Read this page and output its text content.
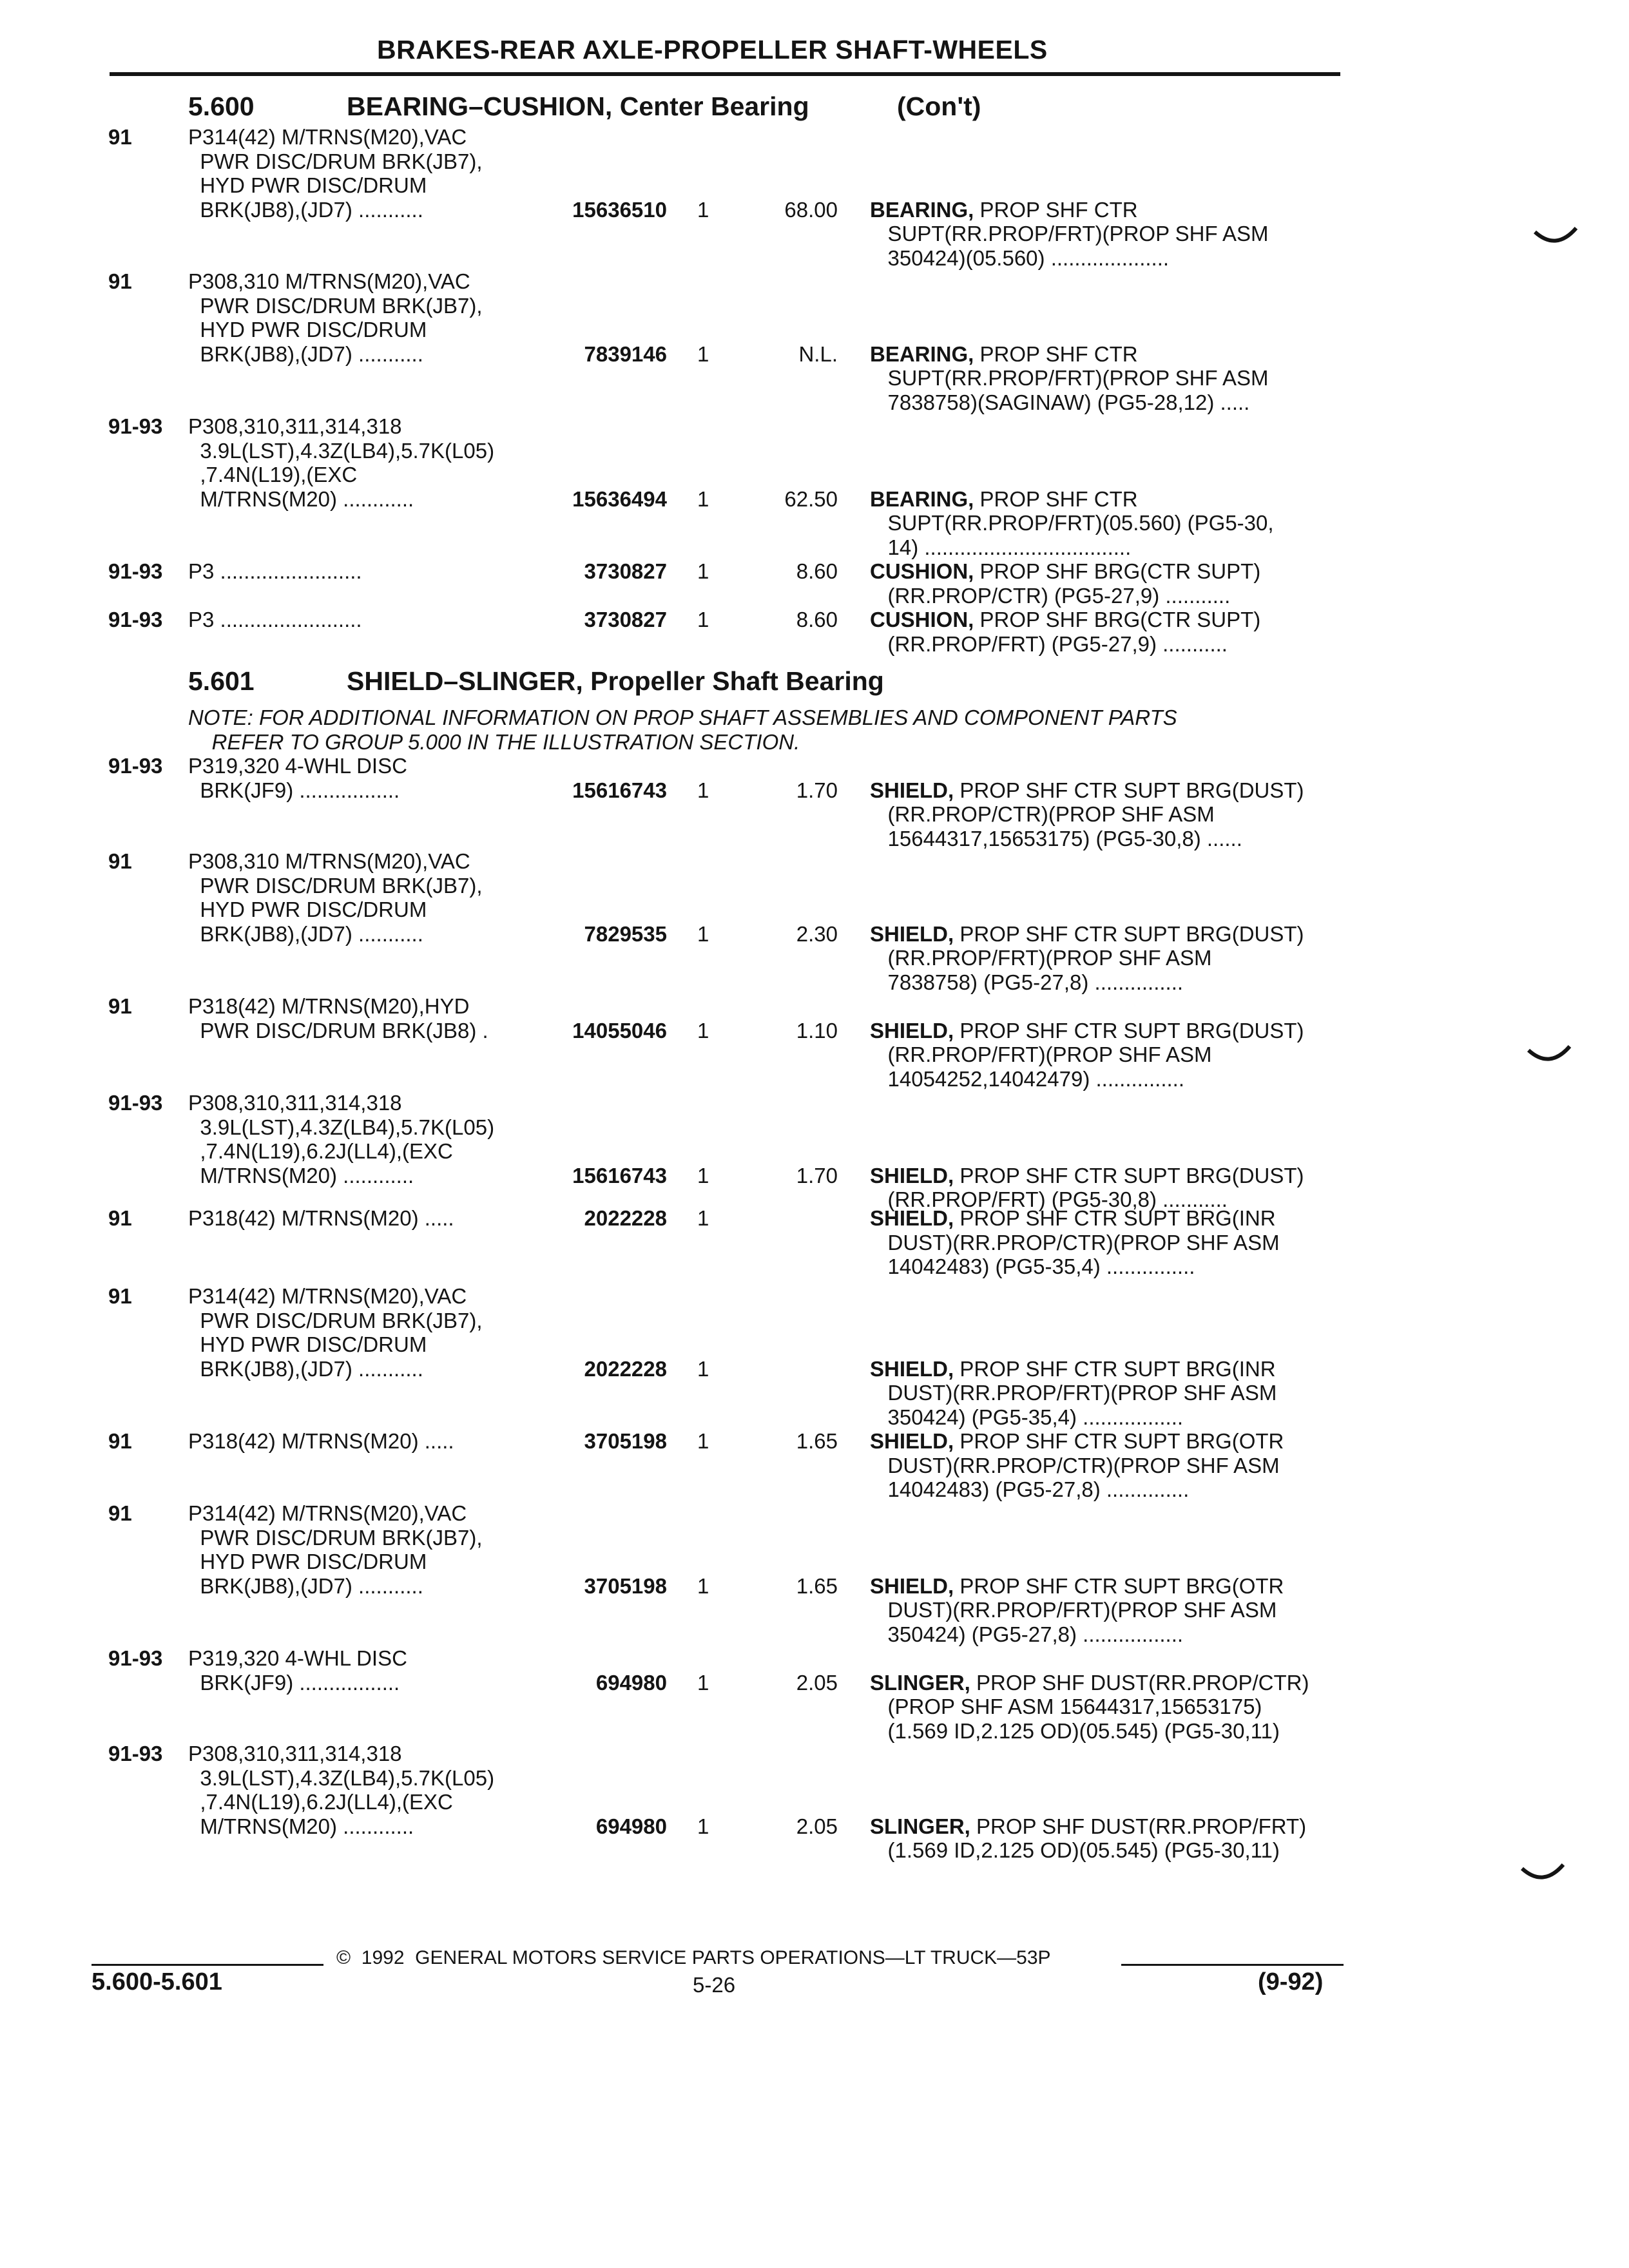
BRAKES-REAR AXLE-PROPELLER SHAFT-WHEELS
5.600	BEARING–CUSHION, Center Bearing	(Con't)
91	P314(42) M/TRNS(M20),VAC
PWR DISC/DRUM BRK(JB7),
HYD PWR DISC/DRUM
BRK(JB8),(JD7) ...........	15636510 1	68.00 BEARING, PROP SHF CTR
SUPT(RR.PROP/FRT)(PROP SHF ASM
350424)(05.560) ....................
91	P308,310 M/TRNS(M20),VAC
PWR DISC/DRUM BRK(JB7),
HYD PWR DISC/DRUM
BRK(JB8),(JD7) ...........	7839146 1	N.L. BEARING, PROP SHF CTR
SUPT(RR.PROP/FRT)(PROP SHF ASM
7838758)(SAGINAW) (PG5-28,12) .....
91-93 P308,310,311,314,318
3.9L(LST),4.3Z(LB4),5.7K(L05)
,7.4N(L19),(EXC
M/TRNS(M20) ............	15636494 1	62.50 BEARING, PROP SHF CTR
SUPT(RR.PROP/FRT)(05.560) (PG5-30,
14) ...................................
91-93 P3 ........................	3730827 1	8.60 CUSHION, PROP SHF BRG(CTR SUPT)
(RR.PROP/CTR) (PG5-27,9) ...........
91-93 P3 ........................	3730827 1	8.60 CUSHION, PROP SHF BRG(CTR SUPT)
(RR.PROP/FRT) (PG5-27,9) ...........
5.601	SHIELD–SLINGER, Propeller Shaft Bearing
NOTE: FOR ADDITIONAL INFORMATION ON PROP SHAFT ASSEMBLIES AND COMPONENT PARTS
REFER TO GROUP 5.000 IN THE ILLUSTRATION SECTION.
91-93 P319,320 4-WHL DISC
BRK(JF9) .................	15616743 1	1.70 SHIELD, PROP SHF CTR SUPT BRG(DUST)
(RR.PROP/CTR)(PROP SHF ASM
15644317,15653175) (PG5-30,8) ......
91	P308,310 M/TRNS(M20),VAC
PWR DISC/DRUM BRK(JB7),
HYD PWR DISC/DRUM
BRK(JB8),(JD7) ...........	7829535 1	2.30 SHIELD, PROP SHF CTR SUPT BRG(DUST)
(RR.PROP/FRT)(PROP SHF ASM
7838758) (PG5-27,8) ...............
91	P318(42) M/TRNS(M20),HYD
PWR DISC/DRUM BRK(JB8) .	14055046 1	1.10 SHIELD, PROP SHF CTR SUPT BRG(DUST)
(RR.PROP/FRT)(PROP SHF ASM
14054252,14042479) ...............
91-93 P308,310,311,314,318
3.9L(LST),4.3Z(LB4),5.7K(L05)
,7.4N(L19),6.2J(LL4),(EXC
M/TRNS(M20) ............	15616743 1	1.70 SHIELD, PROP SHF CTR SUPT BRG(DUST)
(RR.PROP/FRT) (PG5-30,8) ...........
91	P318(42) M/TRNS(M20) .....	2022228 1	SHIELD, PROP SHF CTR SUPT BRG(INR
DUST)(RR.PROP/CTR)(PROP SHF ASM
14042483) (PG5-35,4) ...............
91	P314(42) M/TRNS(M20),VAC
PWR DISC/DRUM BRK(JB7),
HYD PWR DISC/DRUM
BRK(JB8),(JD7) ...........	2022228 1	SHIELD, PROP SHF CTR SUPT BRG(INR
DUST)(RR.PROP/FRT)(PROP SHF ASM
350424) (PG5-35,4) .................
91	P318(42) M/TRNS(M20) .....	3705198 1	1.65 SHIELD, PROP SHF CTR SUPT BRG(OTR
DUST)(RR.PROP/CTR)(PROP SHF ASM
14042483) (PG5-27,8) ..............
91	P314(42) M/TRNS(M20),VAC
PWR DISC/DRUM BRK(JB7),
HYD PWR DISC/DRUM
BRK(JB8),(JD7) ...........	3705198 1	1.65 SHIELD, PROP SHF CTR SUPT BRG(OTR
DUST)(RR.PROP/FRT)(PROP SHF ASM
350424) (PG5-27,8) .................
91-93 P319,320 4-WHL DISC
BRK(JF9) .................	694980 1	2.05 SLINGER, PROP SHF DUST(RR.PROP/CTR)
(PROP SHF ASM 15644317,15653175)
(1.569 ID,2.125 OD)(05.545) (PG5-30,11)
91-93 P308,310,311,314,318
3.9L(LST),4.3Z(LB4),5.7K(L05)
,7.4N(L19),6.2J(LL4),(EXC
M/TRNS(M20) ............	694980 1	2.05 SLINGER, PROP SHF DUST(RR.PROP/FRT)
(1.569 ID,2.125 OD)(05.545) (PG5-30,11)
©  1992  GENERAL MOTORS SERVICE PARTS OPERATIONS—LT TRUCK—53P
5.600-5.601	5-26	(9-92)
